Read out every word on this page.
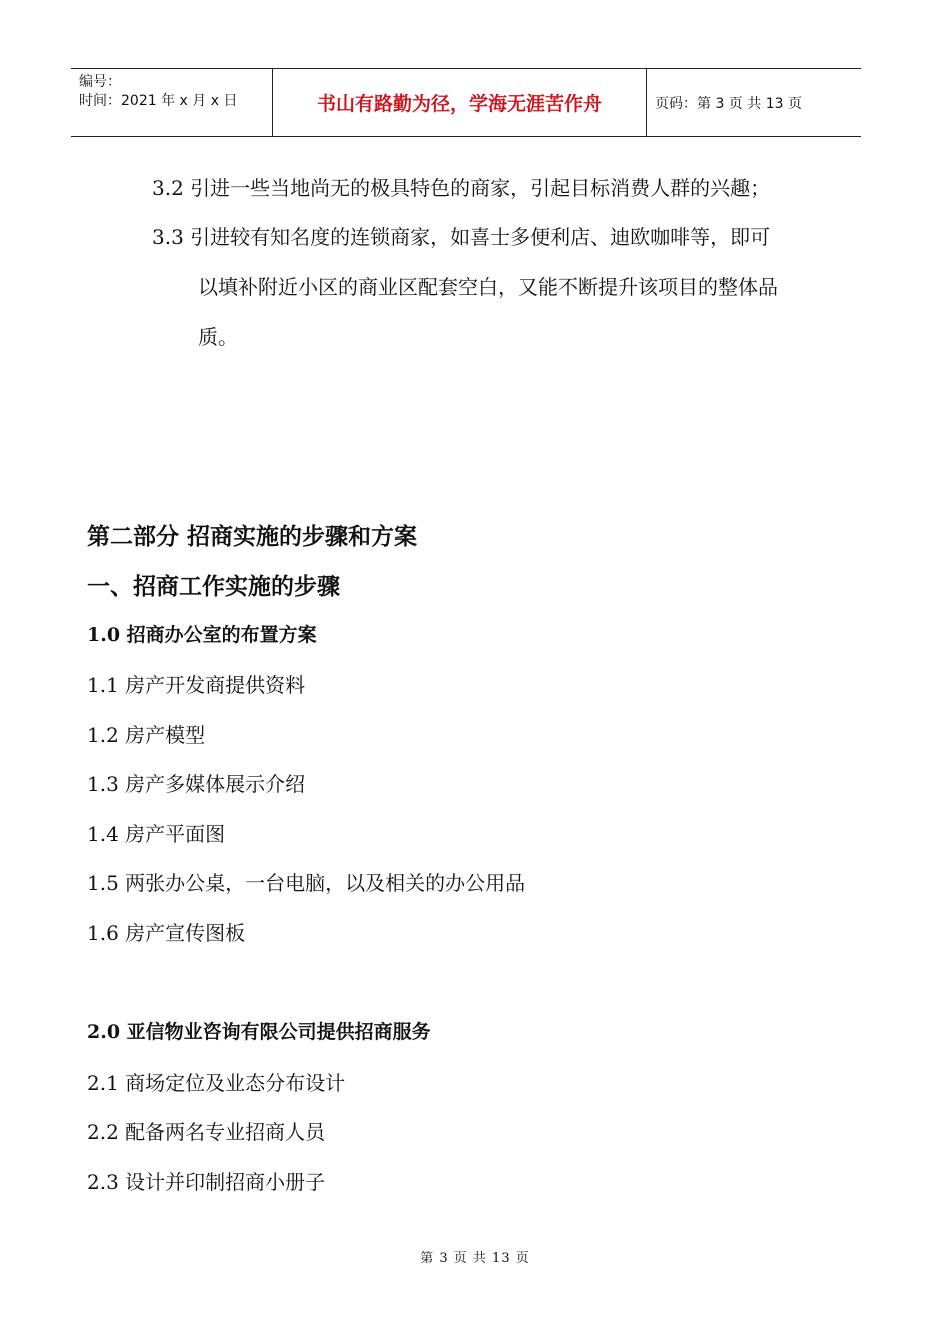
编号：
时间：2021 年 x 月 x 日	书山有路勤为径，学海无涯苦作舟	页码：第 3 页 共 13 页
3.2 引进一些当地尚无的极具特色的商家，引起目标消费人群的兴趣；
3.3 引进较有知名度的连锁商家，如喜士多便利店、迪欧咖啡等，即可
以填补附近小区的商业区配套空白，又能不断提升该项目的整体品
质。
第二部分 招商实施的步骤和方案
一、招商工作实施的步骤
1.0 招商办公室的布置方案
1.1 房产开发商提供资料
1.2 房产模型
1.3 房产多媒体展示介绍
1.4 房产平面图
1.5 两张办公桌，一台电脑，以及相关的办公用品
1.6 房产宣传图板
2.0 亚信物业咨询有限公司提供招商服务
2.1 商场定位及业态分布设计
2.2 配备两名专业招商人员
2.3 设计并印制招商小册子
第 3 页 共 13 页
